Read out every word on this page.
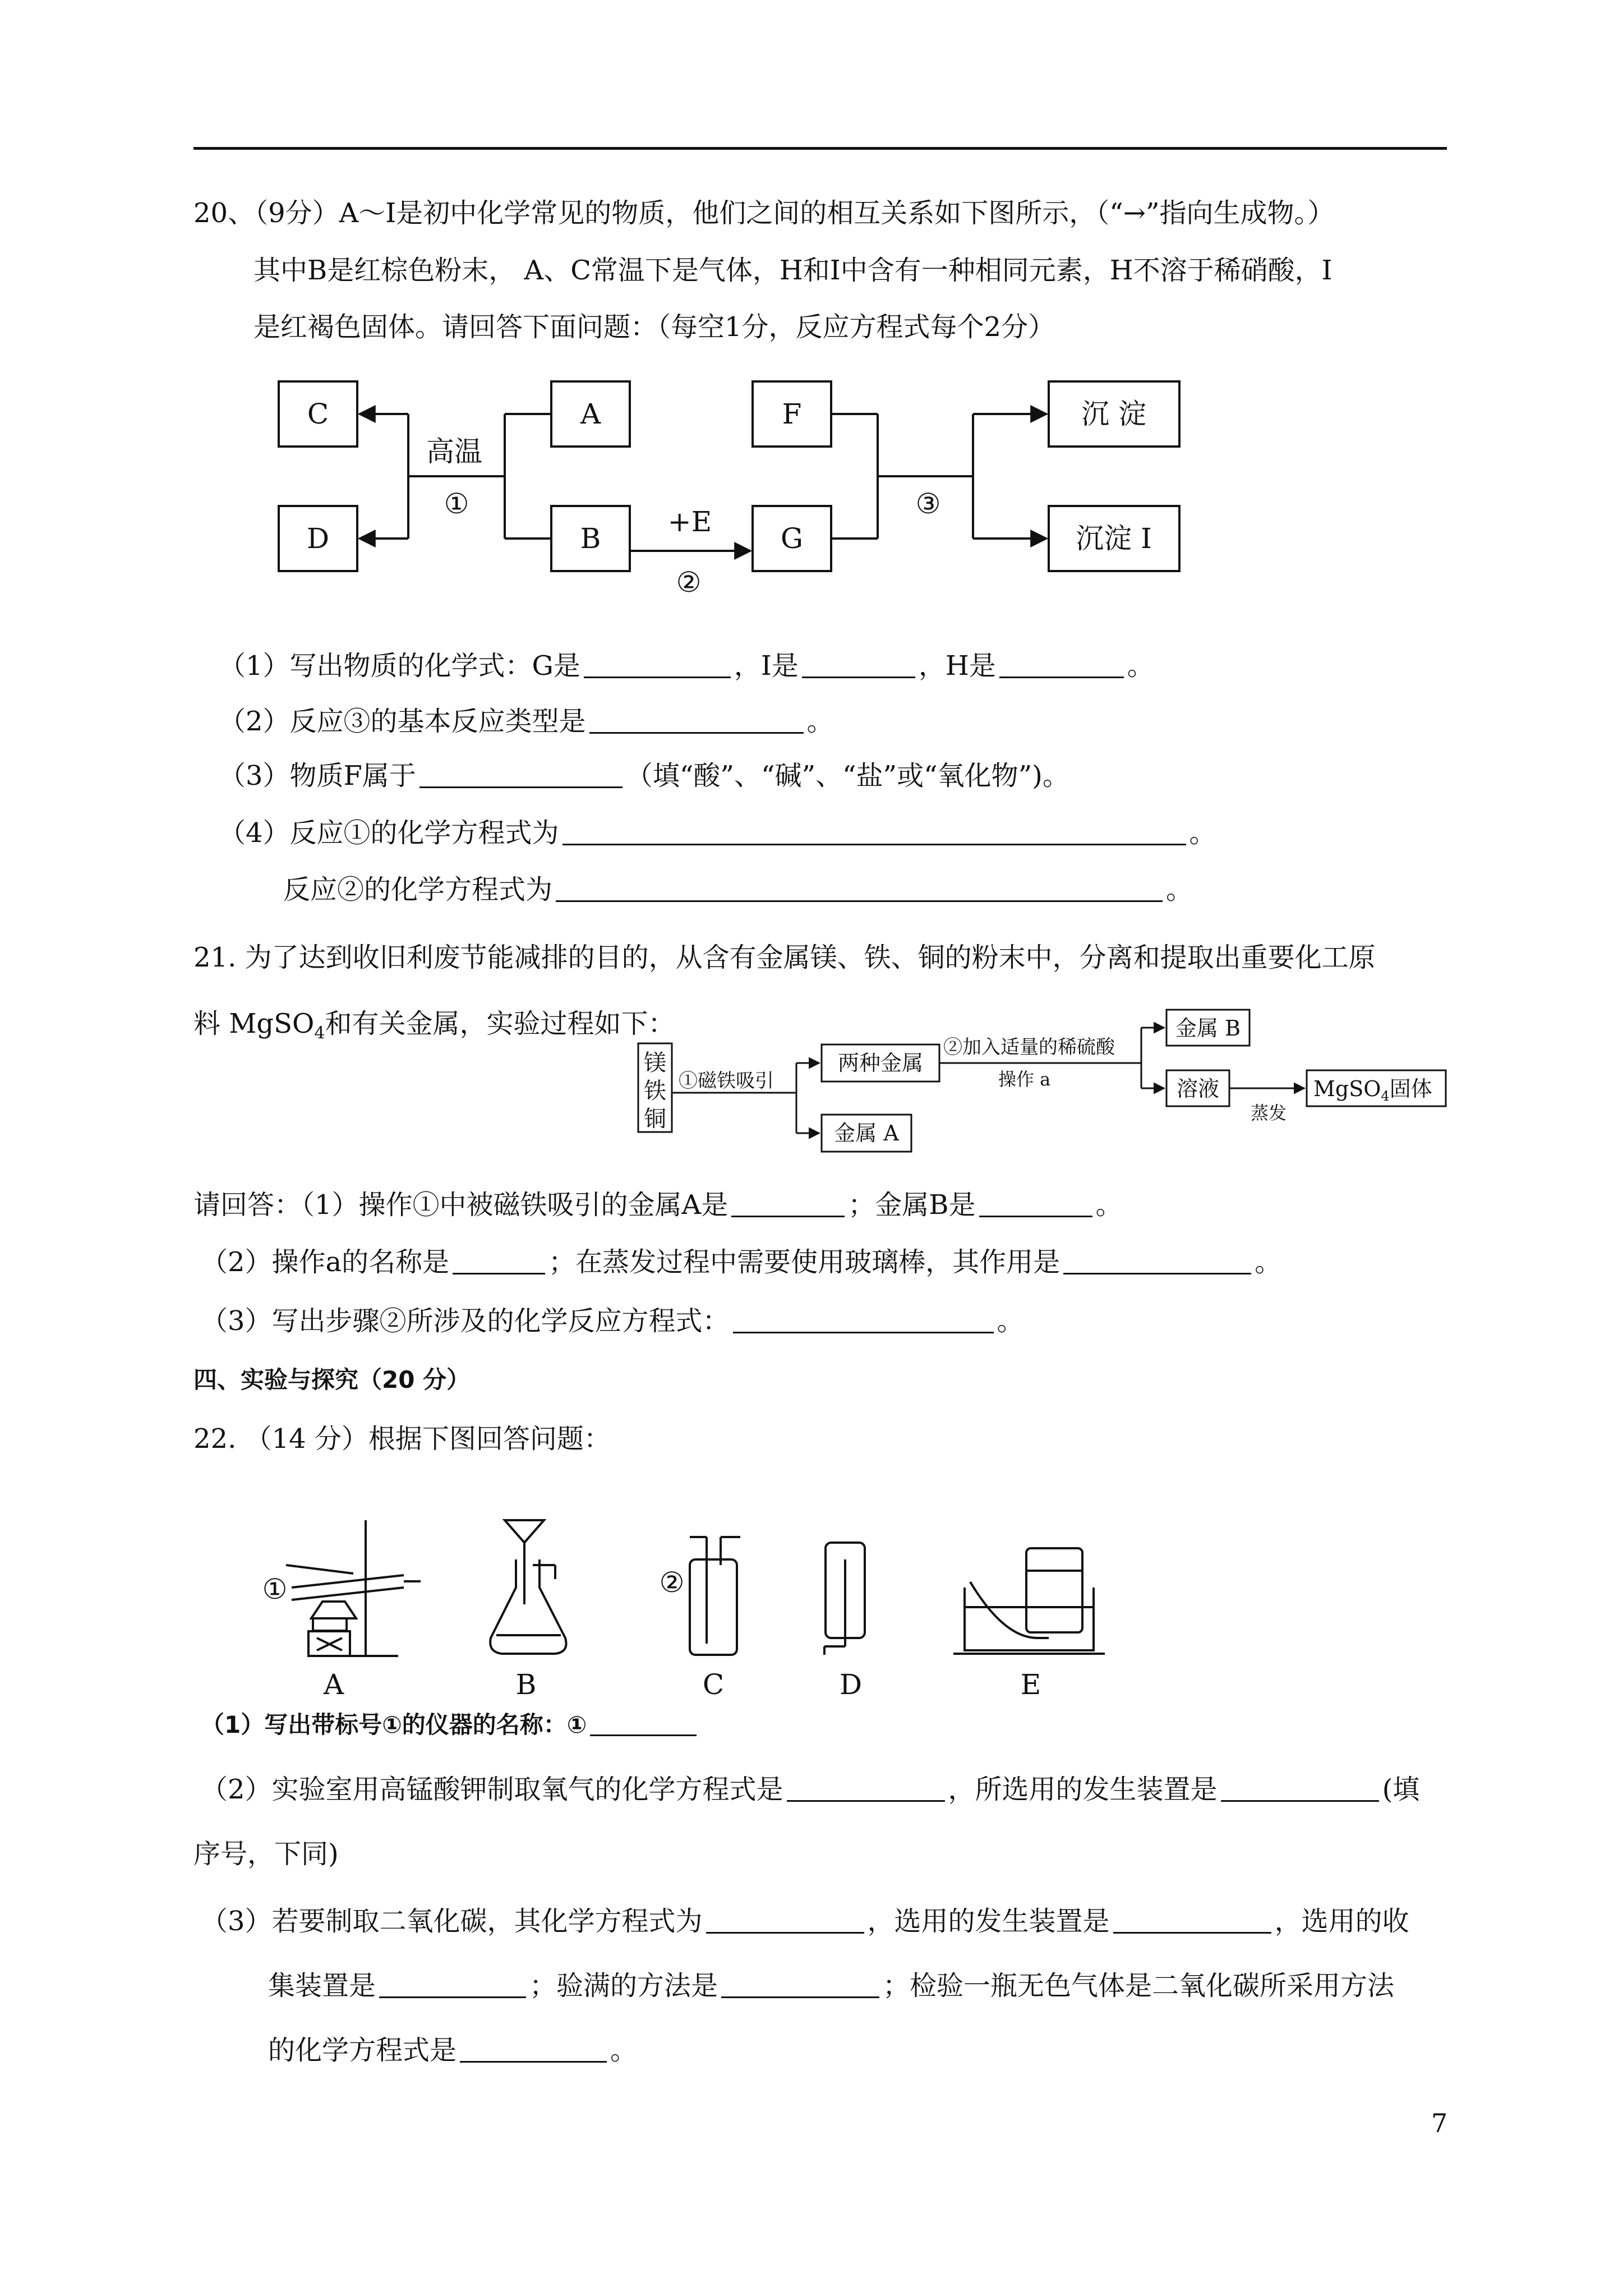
20、（9分）A～I是初中化学常见的物质，他们之间的相互关系如下图所示，（“→”指向生成物。）
其中B是红棕色粉末， A、C常温下是气体，H和I中含有一种相同元素，H不溶于稀硝酸，I
是红褐色固体。请回答下面问题：（每空1分，反应方程式每个2分）
C
D
A
B
F
G
沉 淀
沉淀 I
高温
①
+E
②
③
（1）写出物质的化学式：G是	，I是	，H是	。
（2）反应③的基本反应类型是	。
（3）物质F属于	（填“酸”、“碱”、“盐”或“氧化物”)。
（4）反应①的化学方程式为	。
反应②的化学方程式为	。
21. 为了达到收旧利废节能减排的目的，从含有金属镁、铁、铜的粉末中，分离和提取出重要化工原
料 MgSO$_4$和有关金属，实验过程如下：
镁
铁
铜
①磁铁吸引
两种金属
金属 A
②加入适量的稀硫酸
操作 a
金属 B
溶液
蒸发
MgSO$_4$固体
请回答：（1）操作①中被磁铁吸引的金属A是	；金属B是	。
（2）操作a的名称是	；在蒸发过程中需要使用玻璃棒，其作用是	。
（3）写出步骤②所涉及的化学反应方程式：	。
四、实验与探究（20 分）
22. （14 分）根据下图回答问题：
①	②
A	B	C	D	E
（1）写出带标号①的仪器的名称：①
（2）实验室用高锰酸钾制取氧气的化学方程式是	，所选用的发生装置是	(填
序号，下同)
（3）若要制取二氧化碳，其化学方程式为	，选用的发生装置是	，选用的收
集装置是	；验满的方法是	；检验一瓶无色气体是二氧化碳所采用方法
的化学方程式是	。
7
